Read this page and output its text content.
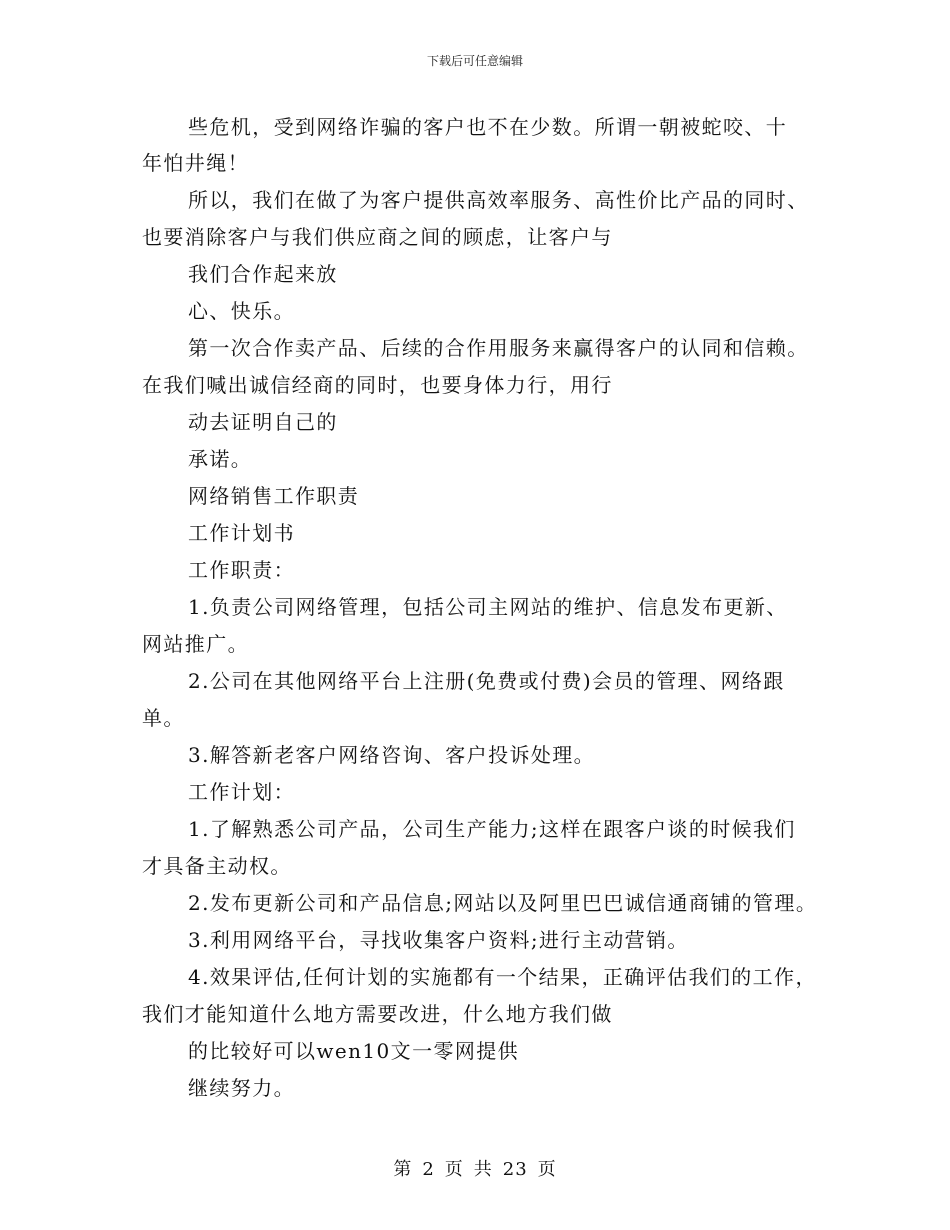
下载后可任意编辑
些危机，受到网络诈骗的客户也不在少数。所谓一朝被蛇咬、十
年怕井绳！
所以，我们在做了为客户提供高效率服务、高性价比产品的同时、
也要消除客户与我们供应商之间的顾虑，让客户与
我们合作起来放
心、快乐。
第一次合作卖产品、后续的合作用服务来赢得客户的认同和信赖。
在我们喊出诚信经商的同时，也要身体力行，用行
动去证明自己的
承诺。
网络销售工作职责
工作计划书
工作职责：
1.负责公司网络管理，包括公司主网站的维护、信息发布更新、
网站推广。
2.公司在其他网络平台上注册(免费或付费)会员的管理、网络跟
单。
3.解答新老客户网络咨询、客户投诉处理。
工作计划：
1.了解熟悉公司产品，公司生产能力;这样在跟客户谈的时候我们
才具备主动权。
2.发布更新公司和产品信息;网站以及阿里巴巴诚信通商铺的管理。
3.利用网络平台，寻找收集客户资料;进行主动营销。
4.效果评估,任何计划的实施都有一个结果，正确评估我们的工作，
我们才能知道什么地方需要改进，什么地方我们做
的比较好可以wen10文一零网提供
继续努力。
第 2 页 共 23 页
